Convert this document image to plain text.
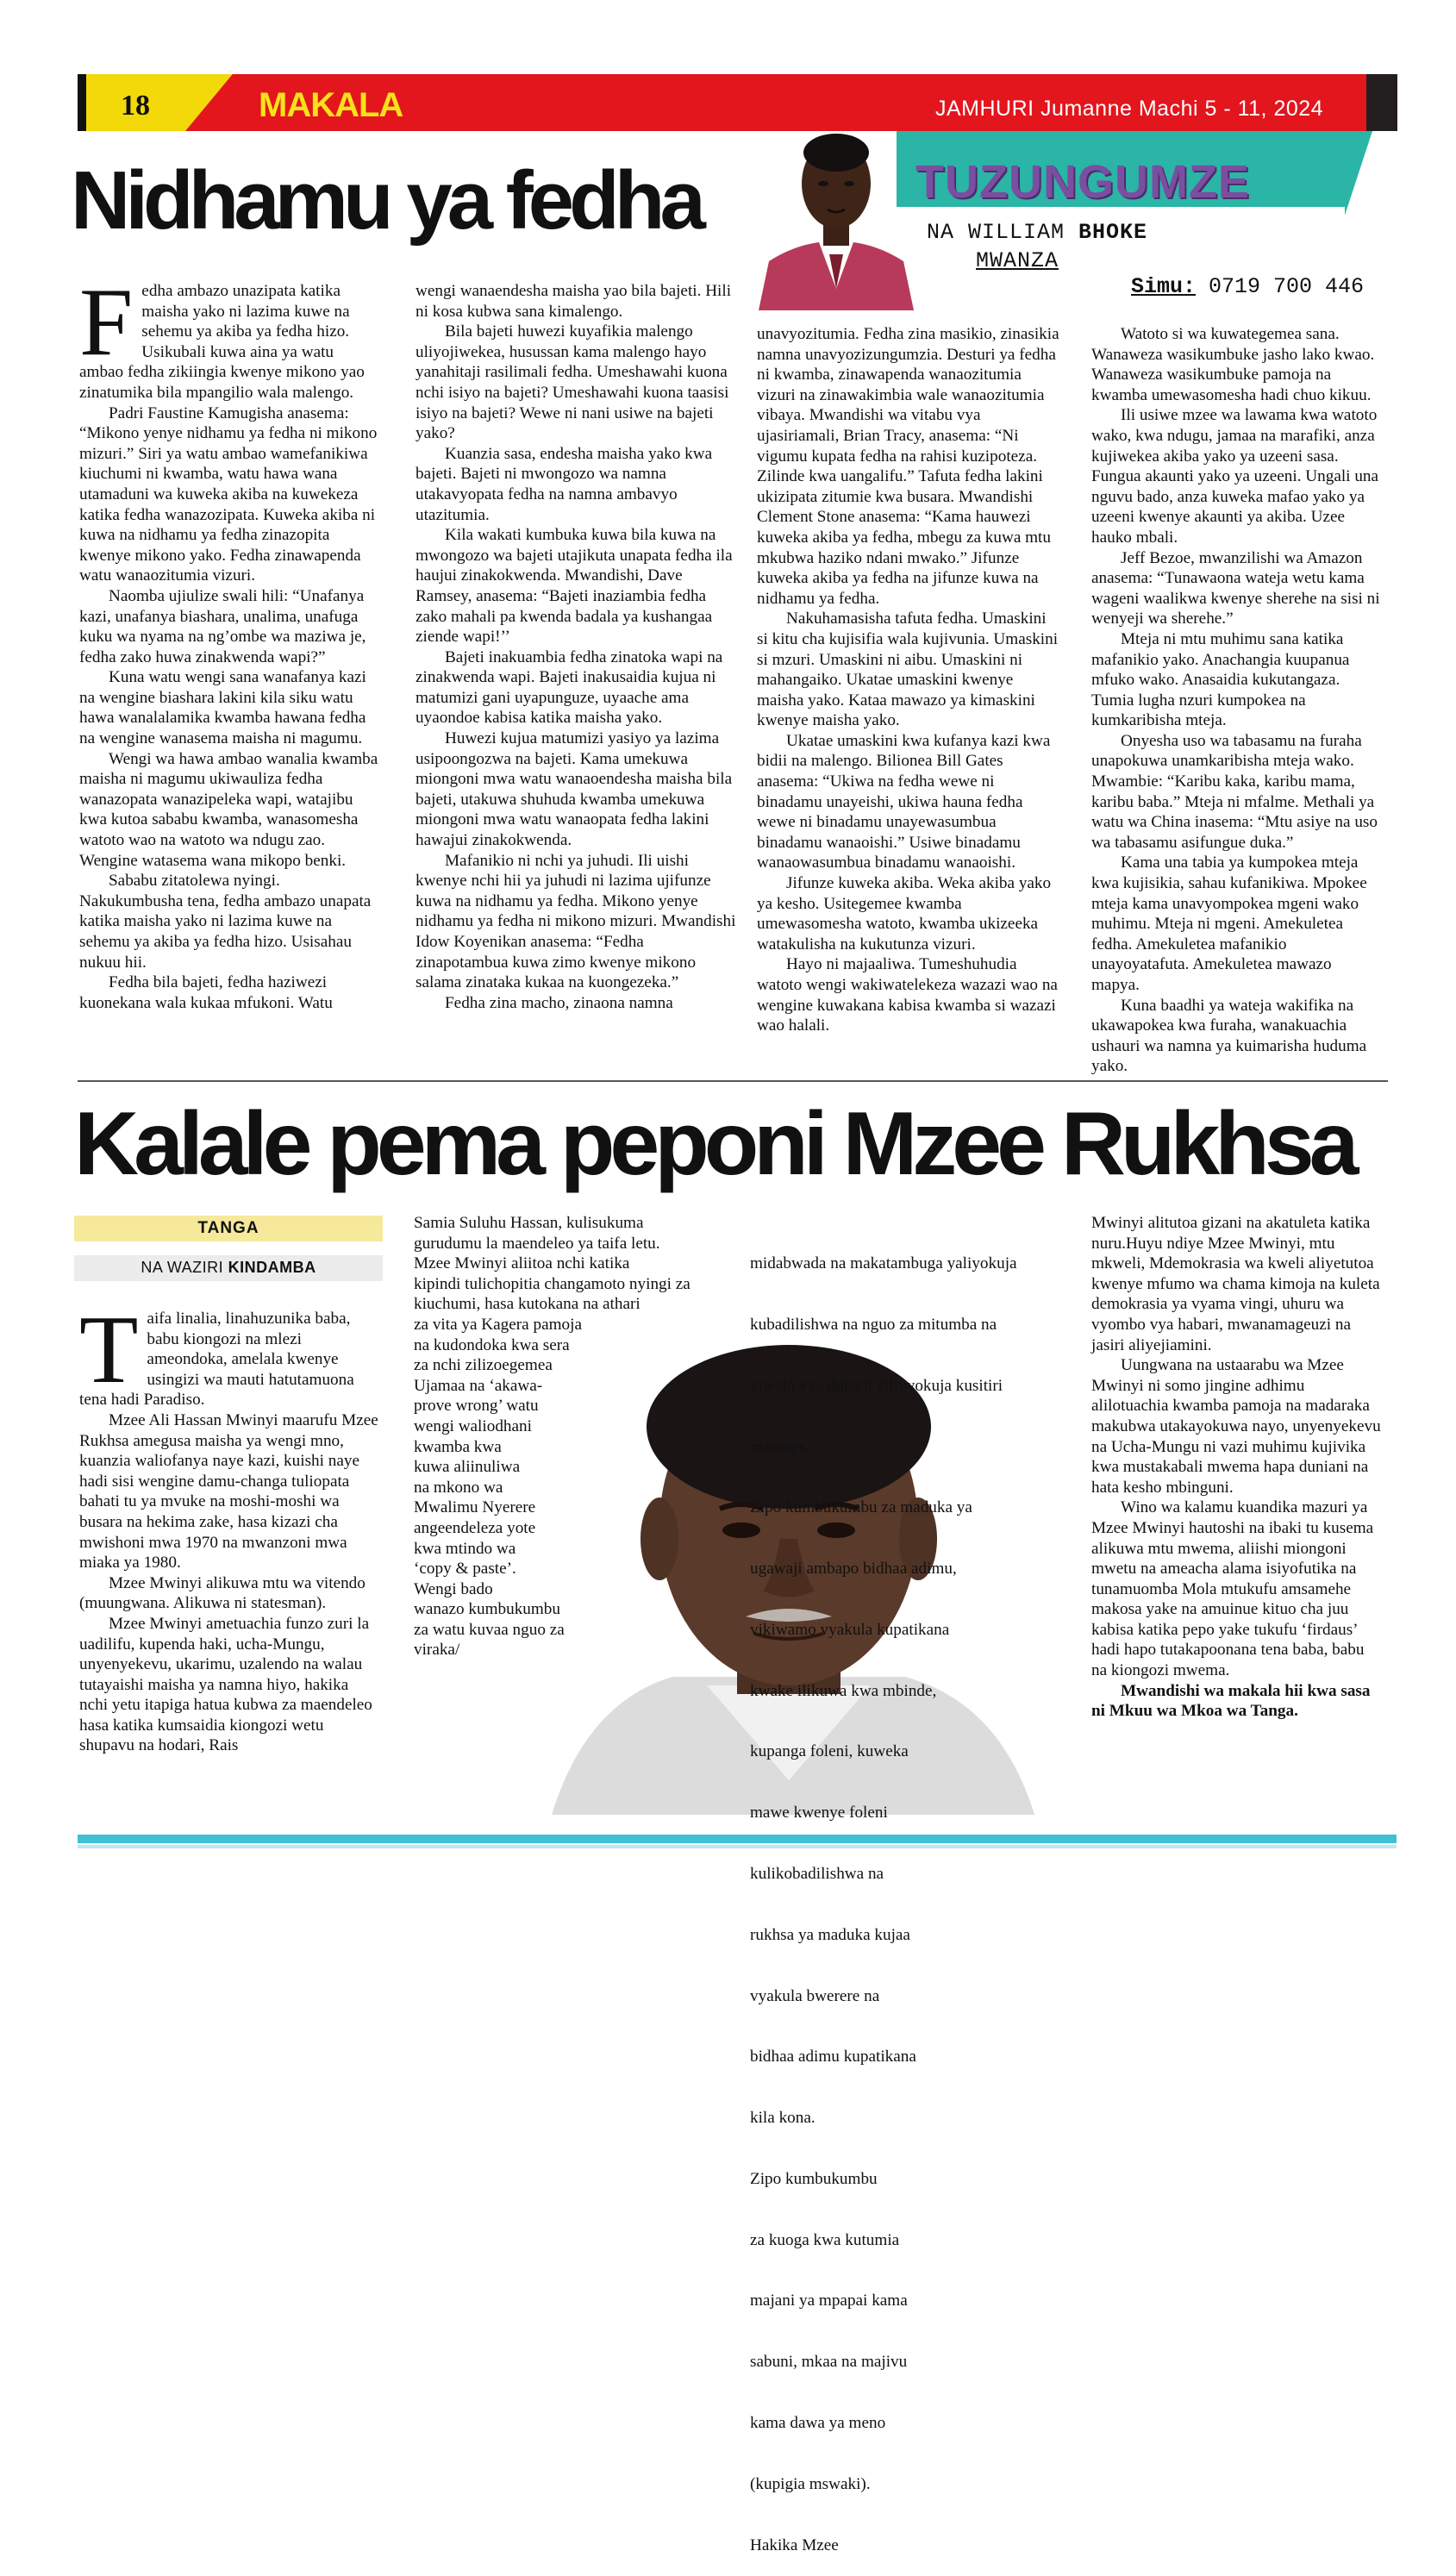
18	MAKALA	JAMHURI Jumanne Machi 5 - 11, 2024
TUZUNGUMZE
NA WILLIAM BHOKE
MWANZA
Simu: 0719 700 446
Nidhamu ya fedha

Fedha ambazo unazipata katika maisha yako ni lazima kuwe na sehemu ya akiba ya fedha hizo. Usikubali kuwa aina ya watu ambao fedha zikiingia kwenye mikono yao zinatumika bila mpangilio wala malengo.

Padri Faustine Kamugisha anasema: “Mikono yenye nidhamu ya fedha ni mikono mizuri.” Siri ya watu ambao wamefanikiwa kiuchumi ni kwamba, watu hawa wana utamaduni wa kuweka akiba na kuwekeza katika fedha wanazozipata. Kuweka akiba ni kuwa na nidhamu ya fedha zinazopita kwenye mikono yako. Fedha zinawapenda watu wanaozitumia vizuri.

Naomba ujiulize swali hili: “Unafanya kazi, unafanya biashara, unalima, unafuga kuku wa nyama na ng’ombe wa maziwa je, fedha zako huwa zinakwenda wapi?”

Kuna watu wengi sana wanafanya kazi na wengine biashara lakini kila siku watu hawa wanalalamika kwamba hawana fedha na wengine wanasema maisha ni magumu.

Wengi wa hawa ambao wanalia kwamba maisha ni magumu ukiwauliza fedha wanazopata wanazipeleka wapi, watajibu kwa kutoa sababu kwamba, wanasomesha watoto wao na watoto wa ndugu zao. Wengine watasema wana mikopo benki.

Sababu zitatolewa nyingi. Nakukumbusha tena, fedha ambazo unapata katika maisha yako ni lazima kuwe na sehemu ya akiba ya fedha hizo. Usisahau nukuu hii.

Fedha bila bajeti, fedha haziwezi kuonekana wala kukaa mfukoni. Watu

wengi wanaendesha maisha yao bila bajeti. Hili ni kosa kubwa sana kimalengo.

Bila bajeti huwezi kuyafikia malengo uliyojiwekea, husussan kama malengo hayo yanahitaji rasilimali fedha. Umeshawahi kuona nchi isiyo na bajeti? Umeshawahi kuona taasisi isiyo na bajeti? Wewe ni nani usiwe na bajeti yako?

Kuanzia sasa, endesha maisha yako kwa bajeti. Bajeti ni mwongozo wa namna utakavyopata fedha na namna ambavyo utazitumia.

Kila wakati kumbuka kuwa bila kuwa na mwongozo wa bajeti utajikuta unapata fedha ila haujui zinakokwenda. Mwandishi, Dave Ramsey, anasema: “Bajeti inaziambia fedha zako mahali pa kwenda badala ya kushangaa ziende wapi!’’

Bajeti inakuambia fedha zinatoka wapi na zinakwenda wapi. Bajeti inakusaidia kujua ni matumizi gani uyapunguze, uyaache ama uyaondoe kabisa katika maisha yako.

Huwezi kujua matumizi yasiyo ya lazima usipoongozwa na bajeti. Kama umekuwa miongoni mwa watu wanaoendesha maisha bila bajeti, utakuwa shuhuda kwamba umekuwa miongoni mwa watu wanaopata fedha lakini hawajui zinakokwenda.

Mafanikio ni nchi ya juhudi. Ili uishi kwenye nchi hii ya juhudi ni lazima ujifunze kuwa na nidhamu ya fedha. Mikono yenye nidhamu ya fedha ni mikono mizuri. Mwandishi Idow Koyenikan anasema: “Fedha zinapotambua kuwa zimo kwenye mikono salama zinataka kukaa na kuongezeka.”

Fedha zina macho, zinaona namna

unavyozitumia. Fedha zina masikio, zinasikia namna unavyozizungumzia. Desturi ya fedha ni kwamba, zinawapenda wanaozitumia vizuri na zinawakimbia wale wanaozitumia vibaya. Mwandishi wa vitabu vya ujasiriamali, Brian Tracy, anasema: “Ni vigumu kupata fedha na rahisi kuzipoteza. Zilinde kwa uangalifu.” Tafuta fedha lakini ukizipata zitumie kwa busara. Mwandishi Clement Stone anasema: “Kama hauwezi kuweka akiba ya fedha, mbegu za kuwa mtu mkubwa haziko ndani mwako.” Jifunze kuweka akiba ya fedha na jifunze kuwa na nidhamu ya fedha.

Nakuhamasisha tafuta fedha. Umaskini si kitu cha kujisifia wala kujivunia. Umaskini si mzuri. Umaskini ni aibu. Umaskini ni mahangaiko. Ukatae umaskini kwenye maisha yako. Kataa mawazo ya kimaskini kwenye maisha yako.

Ukatae umaskini kwa kufanya kazi kwa bidii na malengo. Bilionea Bill Gates anasema: “Ukiwa na fedha wewe ni binadamu unayeishi, ukiwa hauna fedha wewe ni binadamu unayewasumbua binadamu wanaoishi.” Usiwe binadamu wanaowasumbua binadamu wanaoishi.

Jifunze kuweka akiba. Weka akiba yako ya kesho. Usitegemee kwamba umewasomesha watoto, kwamba ukizeeka watakulisha na kukutunza vizuri.

Hayo ni majaaliwa. Tumeshuhudia watoto wengi wakiwatelekeza wazazi wao na wengine kuwakana kabisa kwamba si wazazi wao halali.

Watoto si wa kuwategemea sana. Wanaweza wasikumbuke jasho lako kwao. Wanaweza wasikumbuke pamoja na kwamba umewasomesha hadi chuo kikuu.

Ili usiwe mzee wa lawama kwa watoto wako, kwa ndugu, jamaa na marafiki, anza kujiwekea akiba yako ya uzeeni sasa. Fungua akaunti yako ya uzeeni. Ungali una nguvu bado, anza kuweka mafao yako ya uzeeni kwenye akaunti ya akiba. Uzee hauko mbali.

Jeff Bezoe, mwanzilishi wa Amazon anasema: “Tunawaona wateja wetu kama wageni waalikwa kwenye sherehe na sisi ni wenyeji wa sherehe.”

Mteja ni mtu muhimu sana katika mafanikio yako. Anachangia kuupanua mfuko wako. Anasaidia kukutangaza. Tumia lugha nzuri kumpokea na kumkaribisha mteja.

Onyesha uso wa tabasamu na furaha unapokuwa unamkaribisha mteja wako. Mwambie: “Karibu kaka, karibu mama, karibu baba.” Mteja ni mfalme. Methali ya watu wa China inasema: “Mtu asiye na uso wa tabasamu asifungue duka.”

Kama una tabia ya kumpokea mteja kwa kujisikia, sahau kufanikiwa. Mpokee mteja kama unavyompokea mgeni wako muhimu. Mteja ni mgeni. Amekuletea fedha. Amekuletea mafanikio unayoyatafuta. Amekuletea mawazo mapya.

Kuna baadhi ya wateja wakifika na ukawapokea kwa furaha, wanakuachia ushauri wa namna ya kuimarisha huduma yako.

Kalale pema peponi Mzee Rukhsa
TANGA
NA WAZIRI KINDAMBA

Taifa linalia, linahuzunika baba, babu kiongozi na mlezi ameondoka, amelala kwenye usingizi wa mauti hatutamuona tena hadi Paradiso.

Mzee Ali Hassan Mwinyi maarufu Mzee Rukhsa amegusa maisha ya wengi mno, kuanzia waliofanya naye kazi, kuishi naye hadi sisi wengine damu-changa tuliopata bahati tu ya mvuke na moshi-moshi wa busara na hekima zake, hasa kizazi cha mwishoni mwa 1970 na mwanzoni mwa miaka ya 1980.

Mzee Mwinyi alikuwa mtu wa vitendo (muungwana. Alikuwa ni statesman).

Mzee Mwinyi ametuachia funzo zuri la uadilifu, kupenda haki, ucha-Mungu, unyenyekevu, ukarimu, uzalendo na walau tutayaishi maisha ya namna hiyo, hakika nchi yetu itapiga hatua kubwa za maendeleo hasa katika kumsaidia kiongozi wetu shupavu na hodari, Rais

Samia Suluhu Hassan, kulisukuma
gurudumu la maendeleo ya taifa letu.
Mzee Mwinyi aliitoa nchi katika
kipindi tulichopitia changamoto nyingi za
kiuchumi, hasa kutokana na athari
za vita ya Kagera pamoja
na kudondoka kwa sera
za nchi zilizoegemea
Ujamaa na ‘akawa-
prove wrong’ watu
wengi waliodhani
kwamba kwa
kuwa aliinuliwa
na mkono wa
Mwalimu Nyerere
angeendeleza yote
kwa mtindo wa
‘copy & paste’.
Wengi bado
wanazo kumbukumbu
za watu kuvaa nguo za
viraka/

midabwada na makatambuga yaliyokuja

kubadilishwa na nguo za mitumba na

viwalo vya dukani vilivyokuja kusitiri

maungo.

Zipo kumbukumbu za maduka ya

ugawaji ambapo bidhaa adimu,

vikiwamo vyakula kupatikana

kwake ilikuwa kwa mbinde,

kupanga foleni, kuweka

mawe kwenye foleni

kulikobadilishwa na

rukhsa ya maduka kujaa

vyakula bwerere na

bidhaa adimu kupatikana

kila kona.

Zipo kumbukumbu

za kuoga kwa kutumia

majani ya mpapai kama

sabuni, mkaa na majivu

kama dawa ya meno

(kupigia mswaki).

Hakika Mzee

Mwinyi alitutoa gizani na akatuleta katika nuru.Huyu ndiye Mzee Mwinyi, mtu mkweli, Mdemokrasia wa kweli aliyetutoa kwenye mfumo wa chama kimoja na kuleta demokrasia ya vyama vingi, uhuru wa vyombo vya habari, mwanamageuzi na jasiri aliyejiamini.

Uungwana na ustaarabu wa Mzee Mwinyi ni somo jingine adhimu alilotuachia kwamba pamoja na madaraka makubwa utakayokuwa nayo, unyenyekevu na Ucha-Mungu ni vazi muhimu kujivika kwa mustakabali mwema hapa duniani na hata kesho mbinguni.

Wino wa kalamu kuandika mazuri ya Mzee Mwinyi hautoshi na ibaki tu kusema alikuwa mtu mwema, aliishi miongoni mwetu na ameacha alama isiyofutika na tunamuomba Mola mtukufu amsamehe makosa yake na amuinue kituo cha juu kabisa katika pepo yake tukufu ‘firdaus’ hadi hapo tutakapoonana tena baba, babu na kiongozi mwema.

Mwandishi wa makala hii kwa sasa ni Mkuu wa Mkoa wa Tanga.
